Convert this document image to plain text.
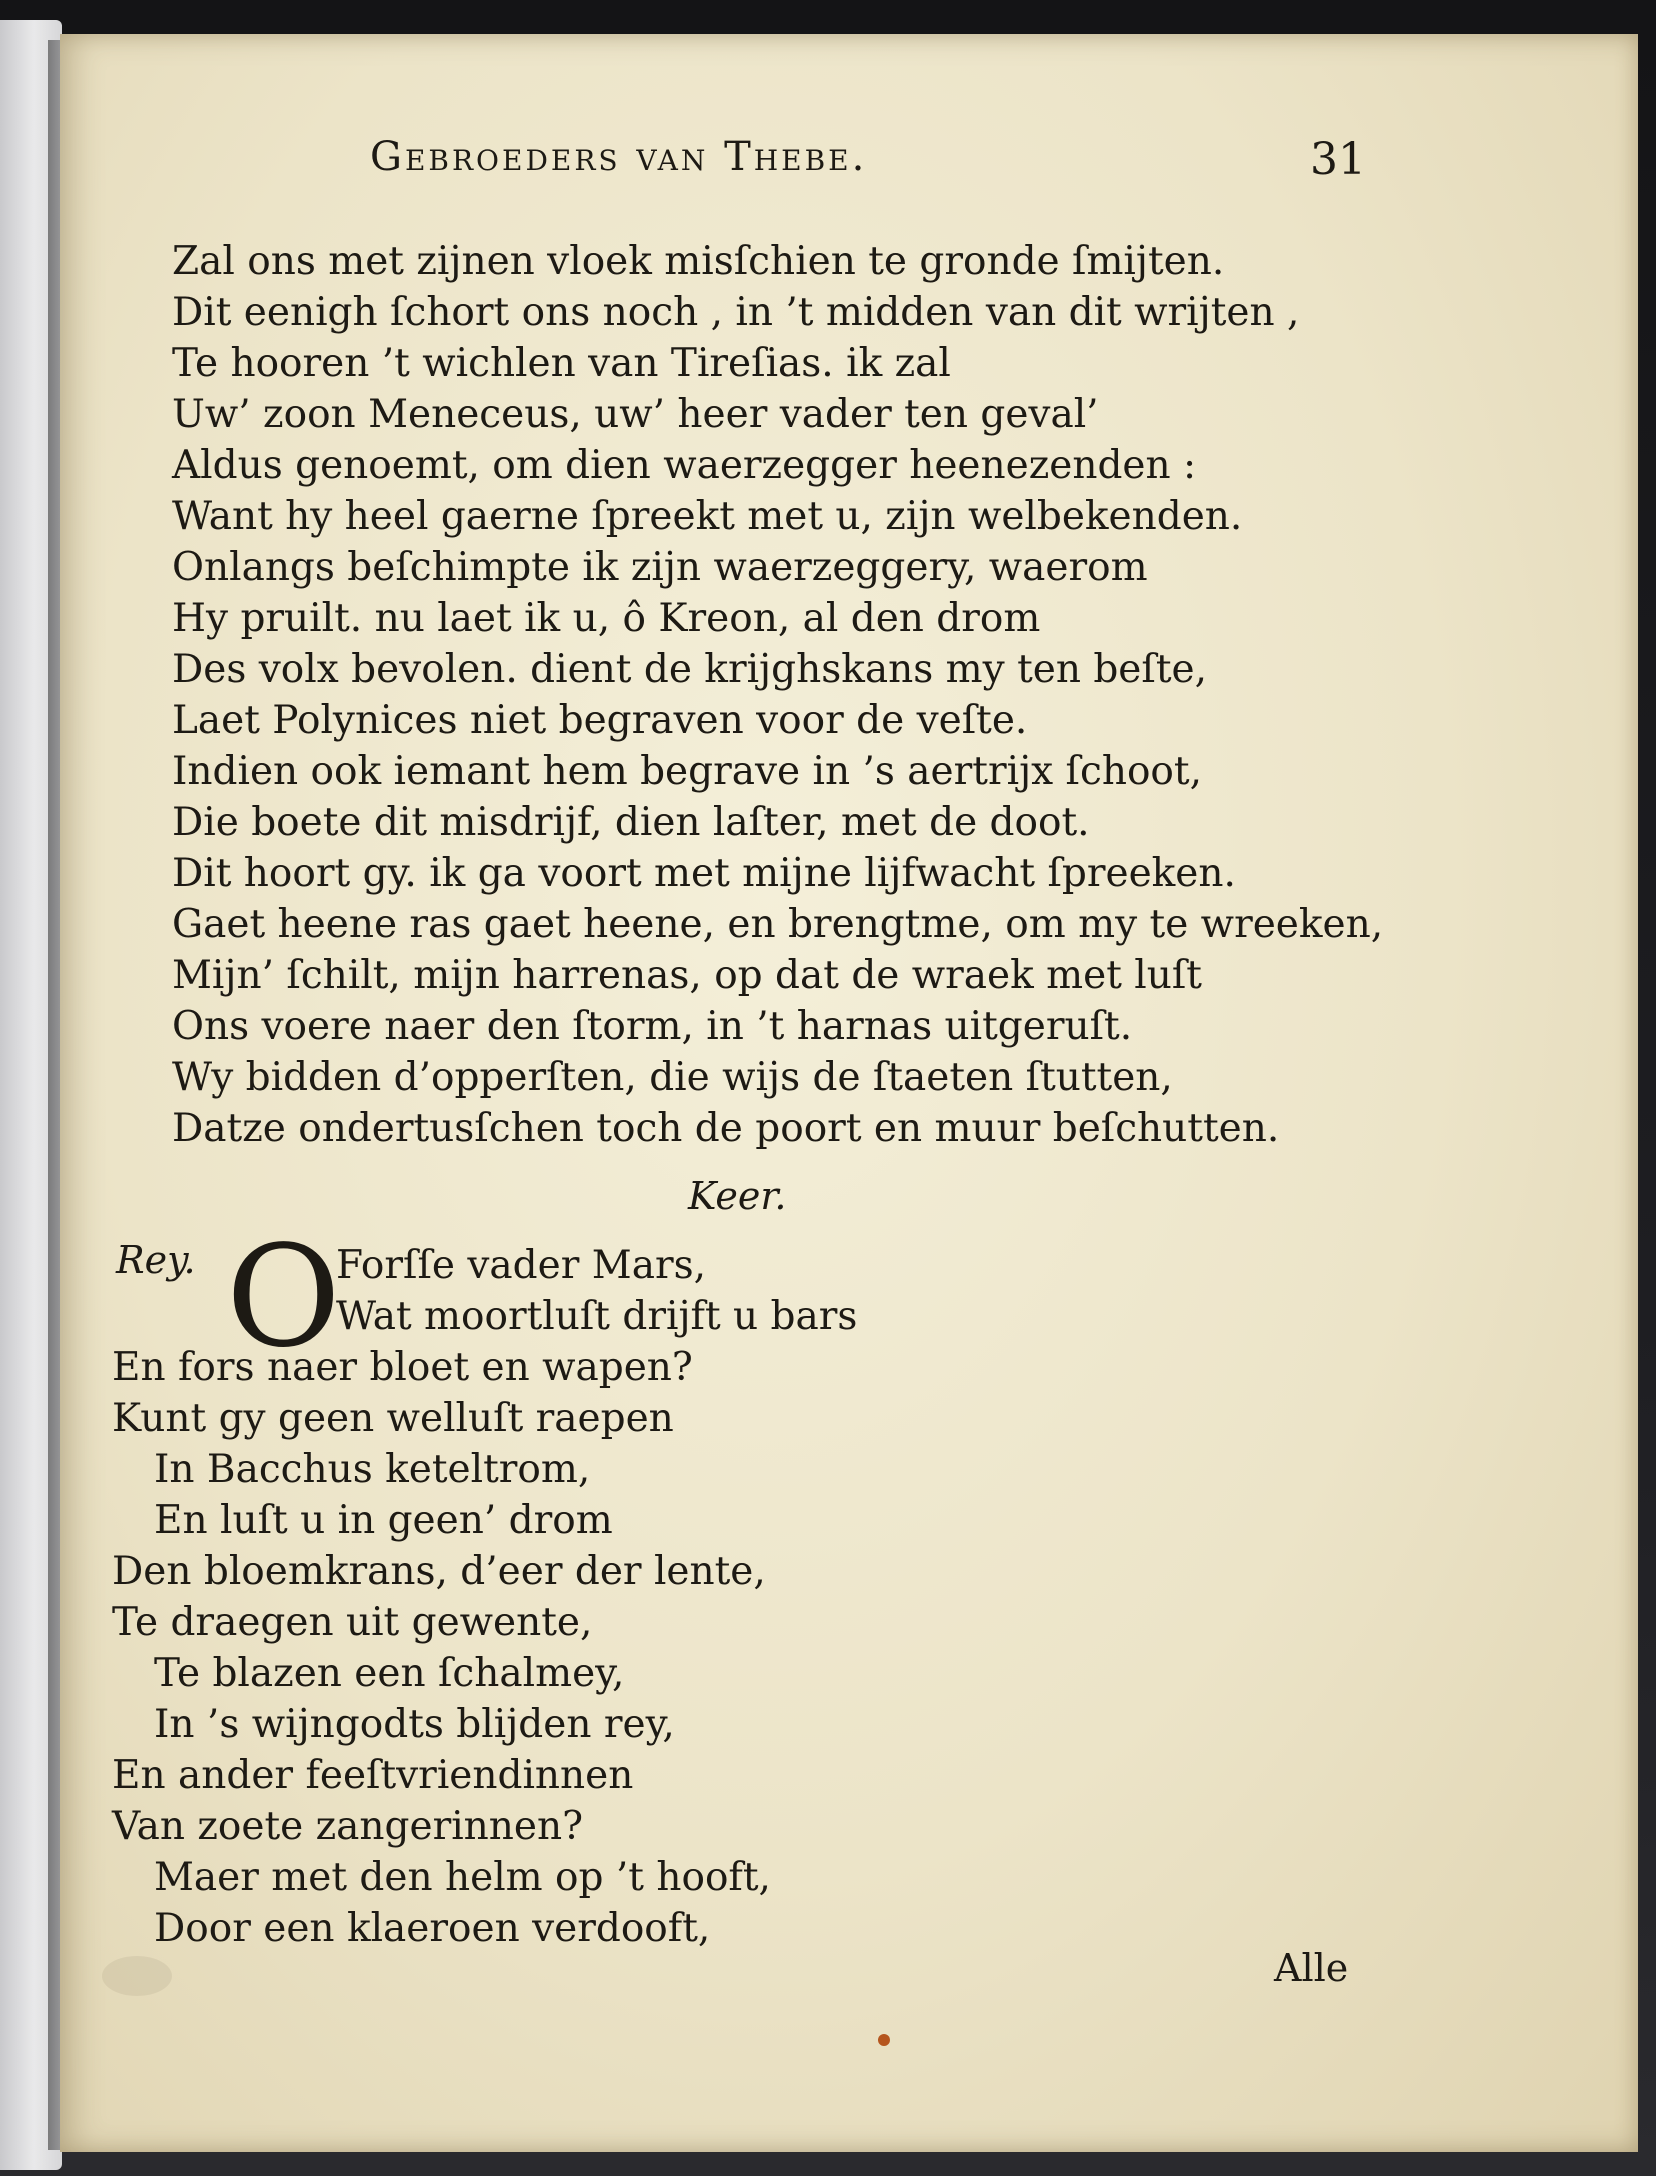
Gebroeders van Thebe.	31
Zal ons met zijnen vloek misſchien te gronde ſmijten.
Dit eenigh ſchort ons noch , in ’t midden van dit wrijten ,
Te hooren ’t wichlen van Tireſias. ik zal
Uw’ zoon Meneceus, uw’ heer vader ten geval’
Aldus genoemt, om dien waerzegger heenezenden :
Want hy heel gaerne ſpreekt met u, zijn welbekenden.
Onlangs beſchimpte ik zijn waerzeggery, waerom
Hy pruilt. nu laet ik u, ô Kreon, al den drom
Des volx bevolen. dient de krijghskans my ten beſte,
Laet Polynices niet begraven voor de veſte.
Indien ook iemant hem begrave in ’s aertrijx ſchoot,
Die boete dit misdrijf, dien laſter, met de doot.
Dit hoort gy. ik ga voort met mijne lijfwacht ſpreeken.
Gaet heene ras gaet heene, en brengtme, om my te wreeken,
Mijn’ ſchilt, mijn harrenas, op dat de wraek met luſt
Ons voere naer den ſtorm, in ’t harnas uitgeruſt.
Wy bidden d’opperſten, die wijs de ſtaeten ſtutten,
Datze ondertusſchen toch de poort en muur beſchutten.
Keer.
Rey. O
Forſſe vader Mars,
Wat moortluſt drijft u bars
En fors naer bloet en wapen?
Kunt gy geen welluſt raepen
In Bacchus keteltrom,
En luſt u in geen’ drom
Den bloemkrans, d’eer der lente,
Te draegen uit gewente,
Te blazen een ſchalmey,
In ’s wijngodts blijden rey,
En ander feeſtvriendinnen
Van zoete zangerinnen?
Maer met den helm op ’t hooft,
Door een klaeroen verdooft,
Alle
